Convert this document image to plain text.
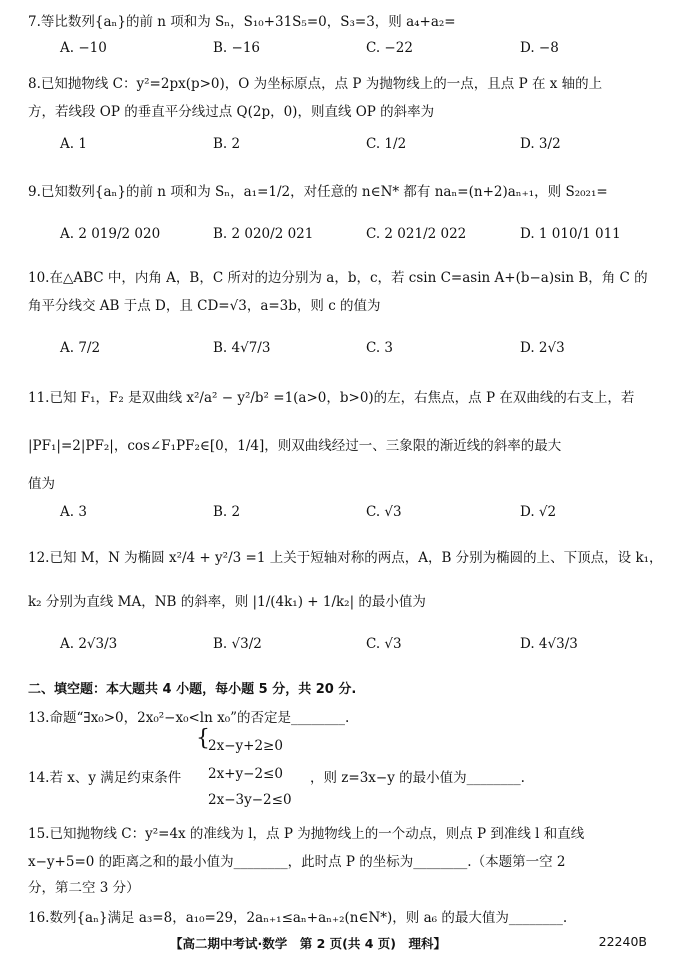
7.等比数列{aₙ}的前 n 项和为 Sₙ，S₁₀+31S₅=0，S₃=3，则 a₄+a₂=
A. −10	B. −16	C. −22	D. −8
8.已知抛物线 C：y²=2px(p>0)，O 为坐标原点，点 P 为抛物线上的一点，且点 P 在 x 轴的上
方，若线段 OP 的垂直平分线过点 Q(2p，0)，则直线 OP 的斜率为
A. 1	B. 2	C. 1/2	D. 3/2
9.已知数列{aₙ}的前 n 项和为 Sₙ，a₁=1/2，对任意的 n∈N* 都有 naₙ=(n+2)aₙ₊₁，则 S₂₀₂₁=
A. 2 019/2 020	B. 2 020/2 021	C. 2 021/2 022	D. 1 010/1 011
10.在△ABC 中，内角 A，B，C 所对的边分别为 a，b，c，若 csin C=asin A+(b−a)sin B，角 C 的
角平分线交 AB 于点 D，且 CD=√3，a=3b，则 c 的值为
A. 7/2	B. 4√7/3	C. 3	D. 2√3
11.已知 F₁，F₂ 是双曲线 x²/a² − y²/b² =1(a>0，b>0)的左，右焦点，点 P 在双曲线的右支上，若
|PF₁|=2|PF₂|，cos∠F₁PF₂∈[0，1/4]，则双曲线经过一、三象限的渐近线的斜率的最大
值为
A. 3	B. 2	C. √3	D. √2
12.已知 M，N 为椭圆 x²/4 + y²/3 =1 上关于短轴对称的两点，A，B 分别为椭圆的上、下顶点，设 k₁，
k₂ 分别为直线 MA，NB 的斜率，则 |1/(4k₁) + 1/k₂| 的最小值为
A. 2√3/3	B. √3/2	C. √3	D. 4√3/3
二、填空题：本大题共 4 小题，每小题 5 分，共 20 分.
13.命题“∃x₀>0，2x₀²−x₀<ln x₀”的否定是________.
14.若 x、y 满足约束条件
{
2x−y+2≥0
2x+y−2≤0
2x−3y−2≤0
，则 z=3x−y 的最小值为________.
15.已知抛物线 C：y²=4x 的准线为 l，点 P 为抛物线上的一个动点，则点 P 到准线 l 和直线
x−y+5=0 的距离之和的最小值为________，此时点 P 的坐标为________.（本题第一空 2
分，第二空 3 分）
16.数列{aₙ}满足 a₃=8，a₁₀=29，2aₙ₊₁≤aₙ+aₙ₊₂(n∈N*)，则 a₆ 的最大值为________.
【高二期中考试·数学　第 2 页(共 4 页)　理科】	22240B
